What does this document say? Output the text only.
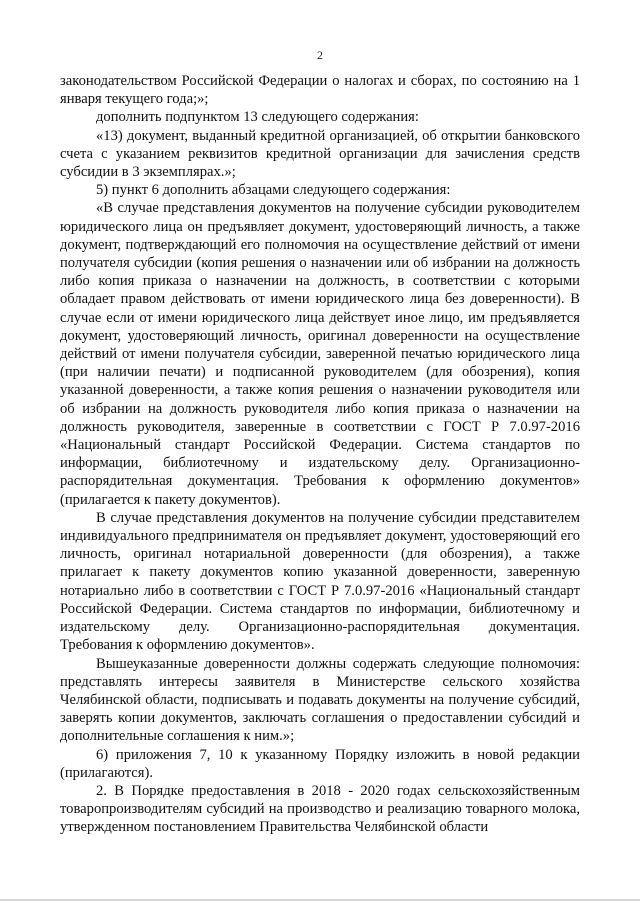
2

законодательством Российской Федерации о налогах и сборах, по состоянию на 1 января текущего года;»;

дополнить подпунктом 13 следующего содержания:

«13) документ, выданный кредитной организацией, об открытии банковского счета с указанием реквизитов кредитной организации для зачисления средств субсидии в 3 экземплярах.»;

5) пункт 6 дополнить абзацами следующего содержания:

«В случае представления документов на получение субсидии руководителем юридического лица он предъявляет документ, удостоверяющий личность, а также документ, подтверждающий его полномочия на осуществление действий от имени получателя субсидии (копия решения о назначении или об избрании на должность либо копия приказа о назначении на должность, в соответствии с которыми обладает правом действовать от имени юридического лица без доверенности). В случае если от имени юридического лица действует иное лицо, им предъявляется документ, удостоверяющий личность, оригинал доверенности на осуществление действий от имени получателя субсидии, заверенной печатью юридического лица (при наличии печати) и подписанной руководителем (для обозрения), копия указанной доверенности, а также копия решения о назначении руководителя или об избрании на должность руководителя либо копия приказа о назначении на должность руководителя, заверенные в соответствии с ГОСТ Р 7.0.97-2016 «Национальный стандарт Российской Федерации. Система стандартов по информации, библиотечному и издательскому делу. Организационно-распорядительная документация. Требования к оформлению документов» (прилагается к пакету документов).

В случае представления документов на получение субсидии представителем индивидуального предпринимателя он предъявляет документ, удостоверяющий его личность, оригинал нотариальной доверенности (для обозрения), а также прилагает к пакету документов копию указанной доверенности, заверенную нотариально либо в соответствии с ГОСТ Р 7.0.97-2016 «Национальный стандарт Российской Федерации. Система стандартов по информации, библиотечному и издательскому делу. Организационно-распорядительная документация. Требования к оформлению документов».

Вышеуказанные доверенности должны содержать следующие полномочия: представлять интересы заявителя в Министерстве сельского хозяйства Челябинской области, подписывать и подавать документы на получение субсидий, заверять копии документов, заключать соглашения о предоставлении субсидий и дополнительные соглашения к ним.»;

6) приложения 7, 10 к указанному Порядку изложить в новой редакции (прилагаются).

2. В Порядке предоставления в 2018 - 2020 годах сельскохозяйственным товаропроизводителям субсидий на производство и реализацию товарного молока, утвержденном постановлением Правительства Челябинской области
